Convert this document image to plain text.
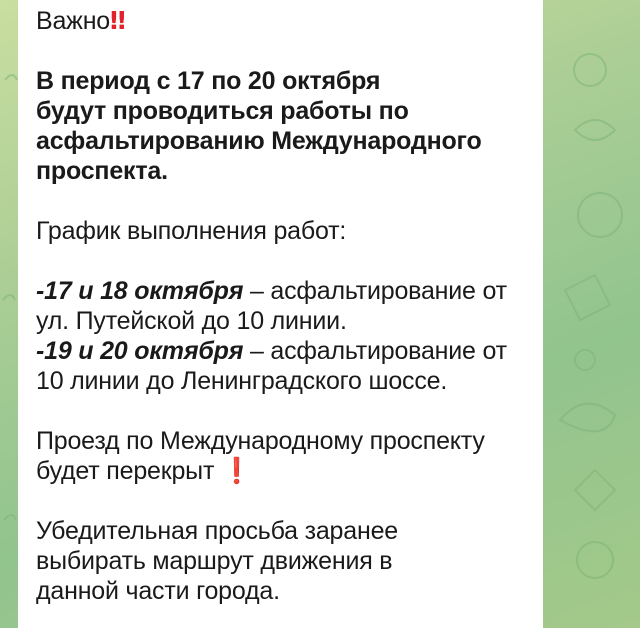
Важно‼
В период с 17 по 20 октября
будут проводиться работы по
асфальтированию Международного
проспекта.
График выполнения работ:
-17 и 18 октября – асфальтирование от
ул. Путейской до 10 линии.
-19 и 20 октября – асфальтирование от
10 линии до Ленинградского шоссе.
Проезд по Международному проспекту
будет перекрыт ❗
Убедительная просьба заранее
выбирать маршрут движения в
данной части города.
